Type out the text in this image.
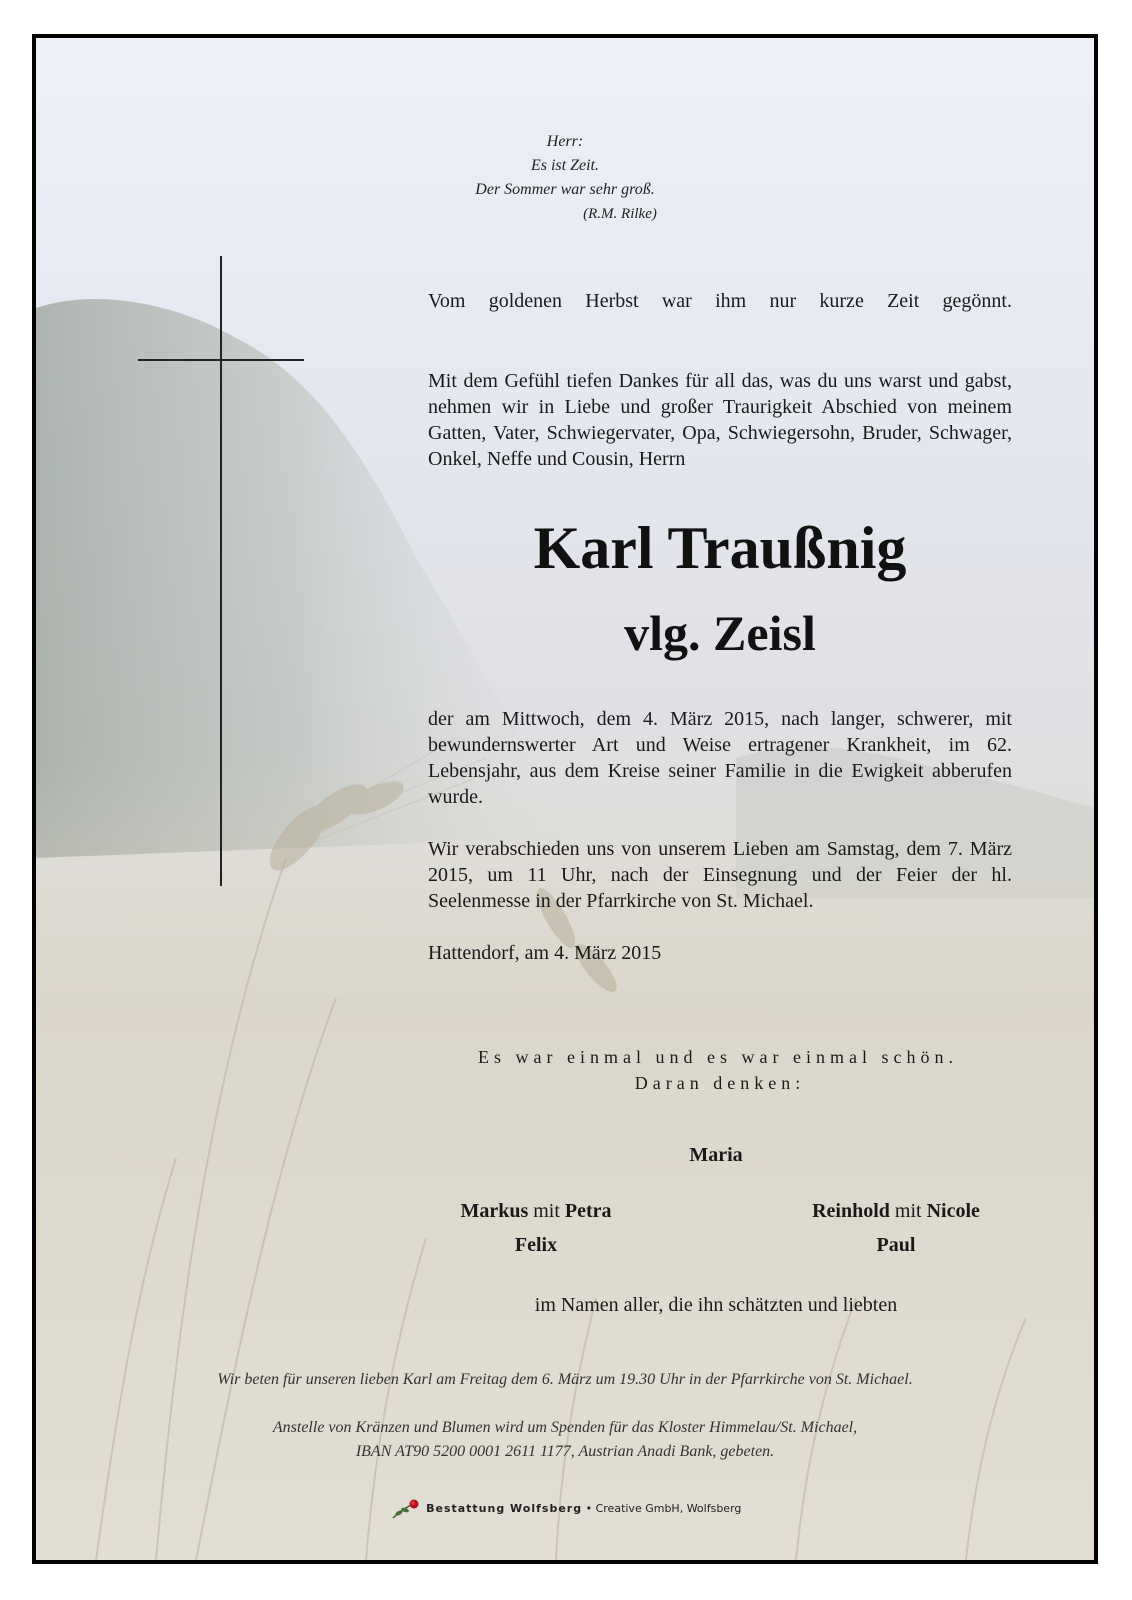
Herr:
Es ist Zeit.
Der Sommer war sehr groß.
(R.M. Rilke)
Vom goldenen Herbst war ihm nur kurze Zeit gegönnt.
Mit dem Gefühl tiefen Dankes für all das, was du uns warst und gabst, nehmen wir in Liebe und großer Traurigkeit Abschied von meinem Gatten, Vater, Schwiegervater, Opa, Schwiegersohn, Bruder, Schwager, Onkel, Neffe und Cousin, Herrn
Karl Traußnig
vlg. Zeisl
der am Mittwoch, dem 4. März 2015, nach langer, schwerer, mit bewundernswerter Art und Weise ertragener Krankheit, im 62. Lebensjahr, aus dem Kreise seiner Familie in die Ewigkeit abberufen wurde.
Wir verabschieden uns von unserem Lieben am Samstag, dem 7. März 2015, um 11 Uhr, nach der Einsegnung und der Feier der hl. Seelenmesse in der Pfarrkirche von St. Michael.
Hattendorf, am 4. März 2015
Es war einmal und es war einmal schön.
Daran denken:
Maria
Markus mit Petra
Felix
Reinhold mit Nicole
Paul
im Namen aller, die ihn schätzten und liebten
Wir beten für unseren lieben Karl am Freitag dem 6. März um 19.30 Uhr in der Pfarrkirche von St. Michael.
Anstelle von Kränzen und Blumen wird um Spenden für das Kloster Himmelau/St. Michael,
IBAN AT90 5200 0001 2611 1177, Austrian Anadi Bank, gebeten.
Bestattung Wolfsberg • Creative GmbH, Wolfsberg
